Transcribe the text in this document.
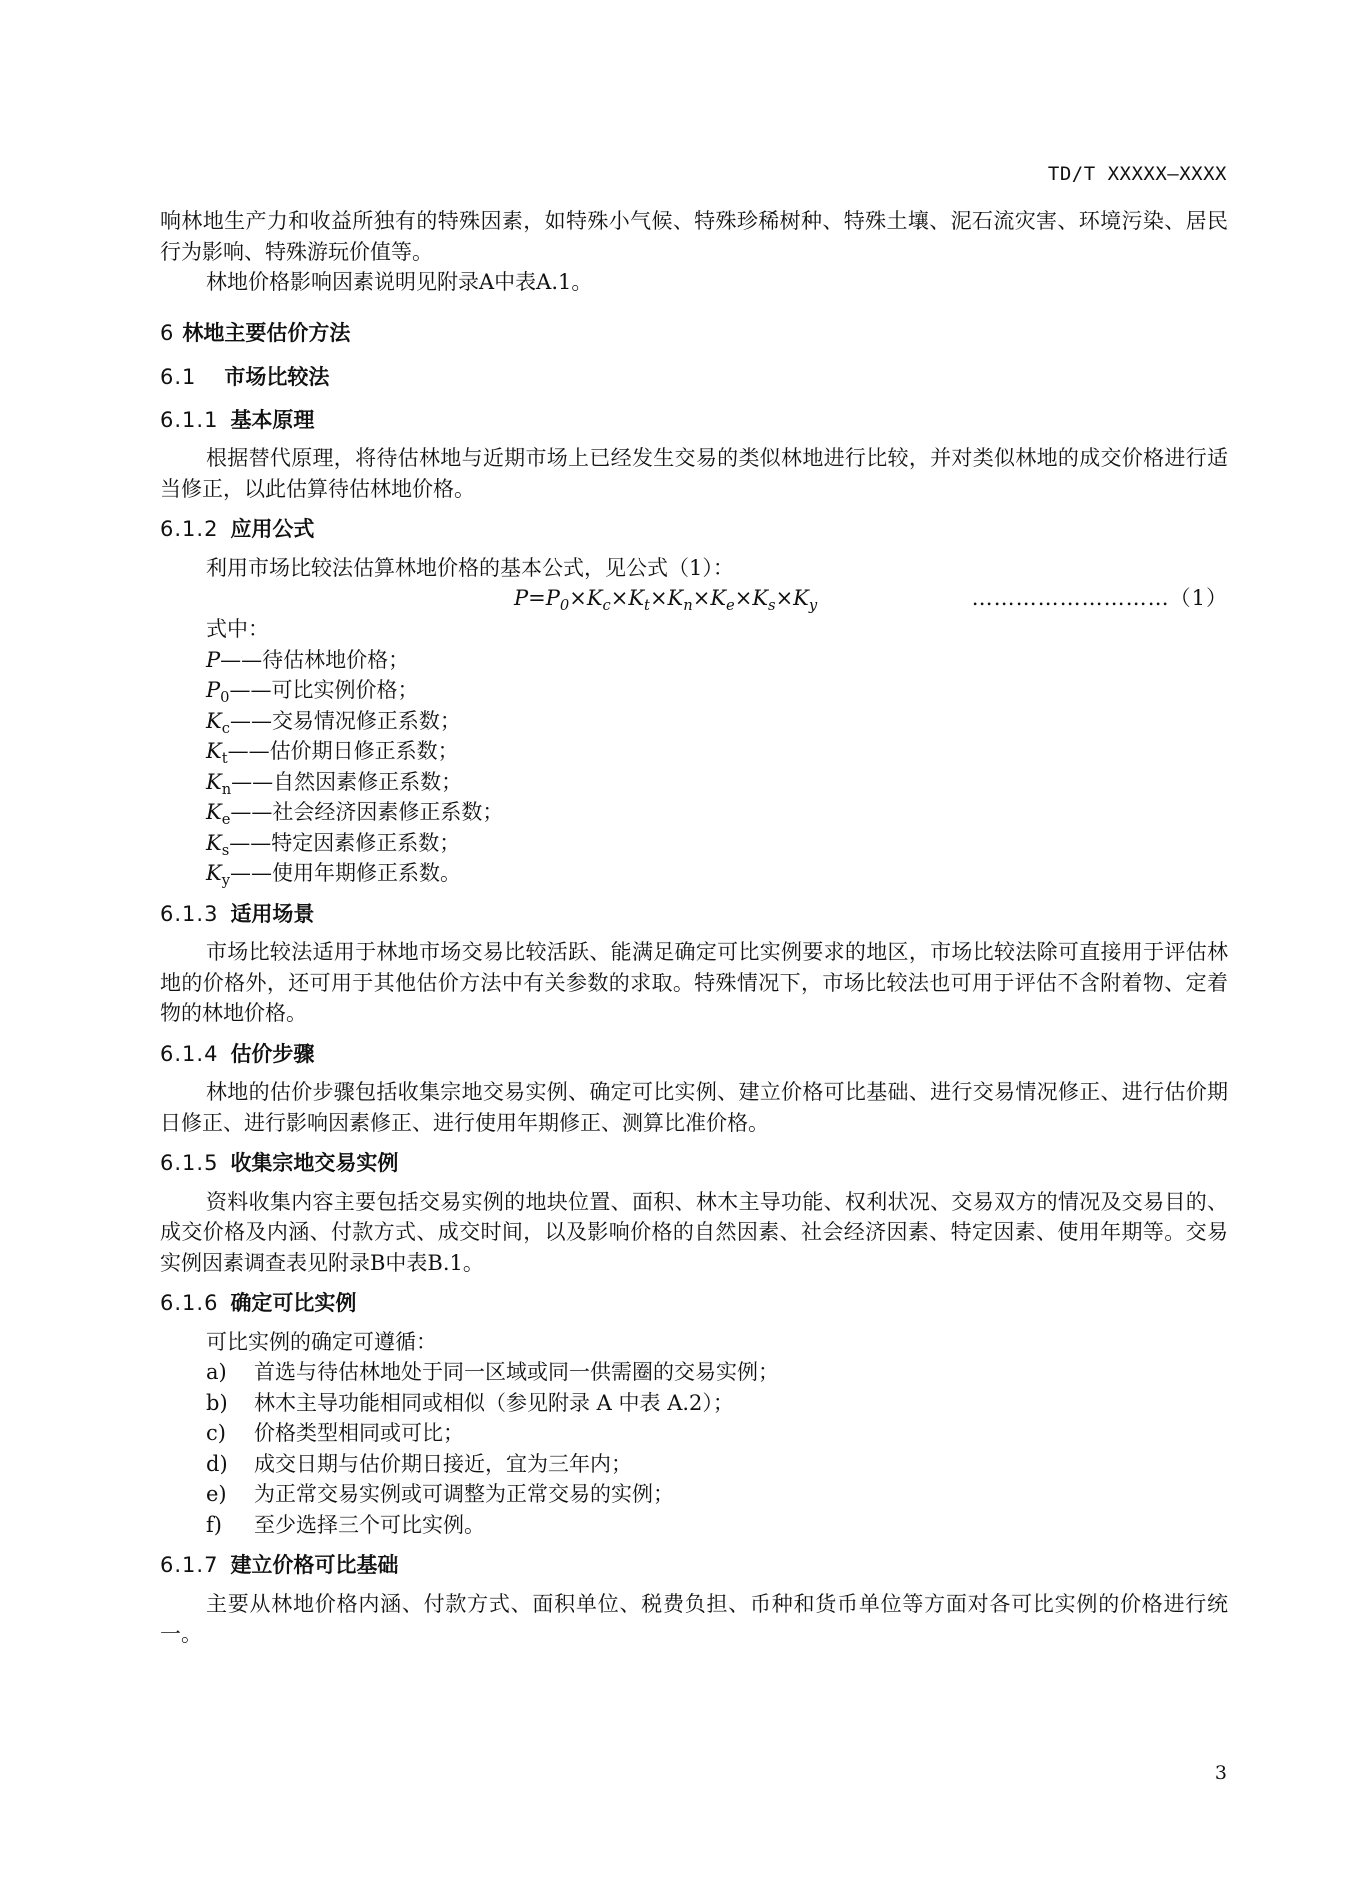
TD/T XXXXX—XXXX

响林地生产力和收益所独有的特殊因素，如特殊小气候、特殊珍稀树种、特殊土壤、泥石流灾害、环境污染、居民行为影响、特殊游玩价值等。

林地价格影响因素说明见附录A中表A.1。

6 林地主要估价方法
6.1 市场比较法
6.1.1 基本原理

根据替代原理，将待估林地与近期市场上已经发生交易的类似林地进行比较，并对类似林地的成交价格进行适当修正，以此估算待估林地价格。

6.1.2 应用公式

利用市场比较法估算林地价格的基本公式，见公式（1）：

$P=P_0\times K_c\times K_t\times K_n\times K_e\times K_s\times K_y$	………………………（1）

式中：

P——待估林地价格；

$P_0——$可比实例价格；

$K_c——$交易情况修正系数；

$K_t——$估价期日修正系数；

$K_n——$自然因素修正系数；

$K_e——$社会经济因素修正系数；

$K_s——$特定因素修正系数；

$K_y——$使用年期修正系数。

6.1.3 适用场景

市场比较法适用于林地市场交易比较活跃、能满足确定可比实例要求的地区，市场比较法除可直接用于评估林地的价格外，还可用于其他估价方法中有关参数的求取。特殊情况下，市场比较法也可用于评估不含附着物、定着物的林地价格。

6.1.4 估价步骤

林地的估价步骤包括收集宗地交易实例、确定可比实例、建立价格可比基础、进行交易情况修正、进行估价期日修正、进行影响因素修正、进行使用年期修正、测算比准价格。

6.1.5 收集宗地交易实例

资料收集内容主要包括交易实例的地块位置、面积、林木主导功能、权利状况、交易双方的情况及交易目的、成交价格及内涵、付款方式、成交时间，以及影响价格的自然因素、社会经济因素、特定因素、使用年期等。交易实例因素调查表见附录B中表B.1。

6.1.6 确定可比实例

可比实例的确定可遵循：

a) 首选与待估林地处于同一区域或同一供需圈的交易实例；

b) 林木主导功能相同或相似（参见附录 A 中表 A.2）；

c) 价格类型相同或可比；

d) 成交日期与估价期日接近，宜为三年内；

e) 为正常交易实例或可调整为正常交易的实例；

f) 至少选择三个可比实例。

6.1.7 建立价格可比基础

主要从林地价格内涵、付款方式、面积单位、税费负担、币种和货币单位等方面对各可比实例的价格进行统一。

3
